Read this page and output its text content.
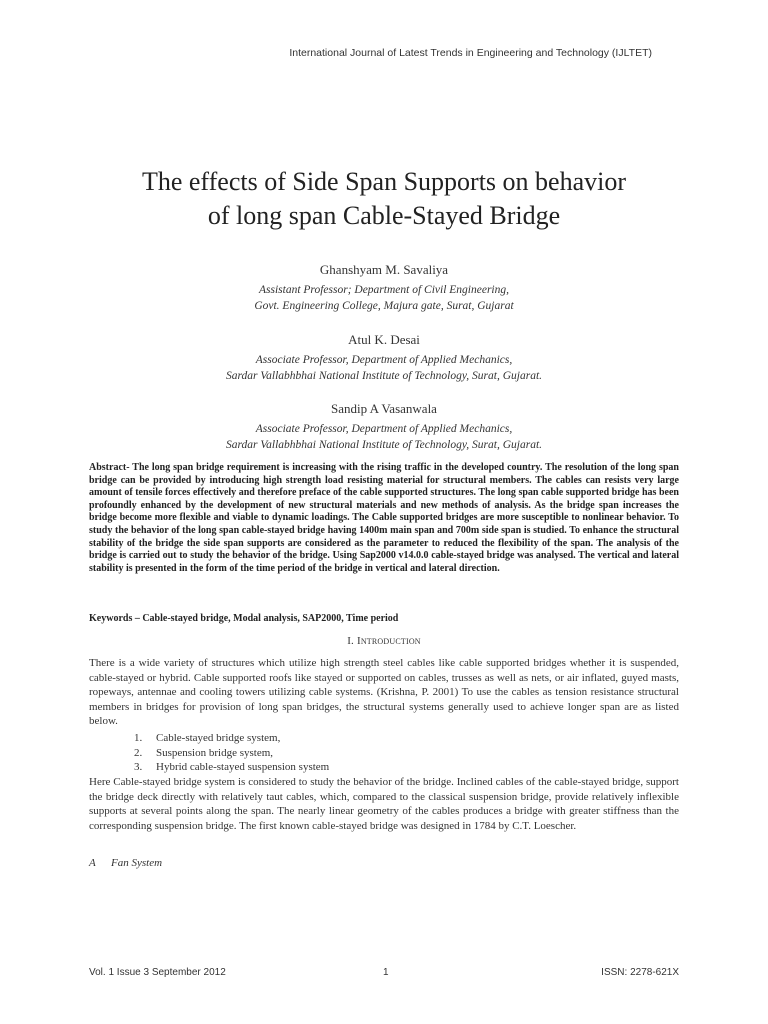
International Journal of Latest Trends in Engineering and Technology (IJLTET)
The effects of Side Span Supports on behavior
of long span Cable-Stayed Bridge
Ghanshyam M. Savaliya
Assistant Professor; Department of Civil Engineering,
Govt. Engineering College, Majura gate, Surat, Gujarat
Atul K. Desai
Associate Professor, Department of Applied Mechanics,
Sardar Vallabhbhai National Institute of Technology, Surat, Gujarat.
Sandip A Vasanwala
Associate Professor, Department of Applied Mechanics,
Sardar Vallabhbhai National Institute of Technology, Surat, Gujarat.
Abstract- The long span bridge requirement is increasing with the rising traffic in the developed country. The resolution of the long span bridge can be provided by introducing high strength load resisting material for structural members. The cables can resists very large amount of tensile forces effectively and therefore preface of the cable supported structures. The long span cable supported bridge has been profoundly enhanced by the development of new structural materials and new methods of analysis. As the bridge span increases the bridge become more flexible and viable to dynamic loadings. The Cable supported bridges are more susceptible to nonlinear behavior. To study the behavior of the long span cable-stayed bridge having 1400m main span and 700m side span is studied. To enhance the structural stability of the bridge the side span supports are considered as the parameter to reduced the flexibility of the span. The analysis of the bridge is carried out to study the behavior of the bridge. Using Sap2000 v14.0.0 cable-stayed bridge was analysed. The vertical and lateral stability is presented in the form of the time period of the bridge in vertical and lateral direction.
Keywords – Cable-stayed bridge, Modal analysis, SAP2000, Time period
I. Introduction
There is a wide variety of structures which utilize high strength steel cables like cable supported bridges whether it is suspended, cable-stayed or hybrid. Cable supported roofs like stayed or supported on cables, trusses as well as nets, or air inflated, guyed masts, ropeways, antennae and cooling towers utilizing cable systems. (Krishna, P. 2001) To use the cables as tension resistance structural members in bridges for provision of long span bridges, the structural systems generally used to achieve longer span are as listed below.
1.	Cable-stayed bridge system,
2.	Suspension bridge system,
3.	Hybrid cable-stayed suspension system
Here Cable-stayed bridge system is considered to study the behavior of the bridge. Inclined cables of the cable-stayed bridge, support the bridge deck directly with relatively taut cables, which, compared to the classical suspension bridge, provide relatively inflexible supports at several points along the span. The nearly linear geometry of the cables produces a bridge with greater stiffness than the corresponding suspension bridge. The first known cable-stayed bridge was designed in 1784 by C.T. Loescher.
A Fan System
Vol. 1 Issue 3 September 2012	1	ISSN: 2278-621X
